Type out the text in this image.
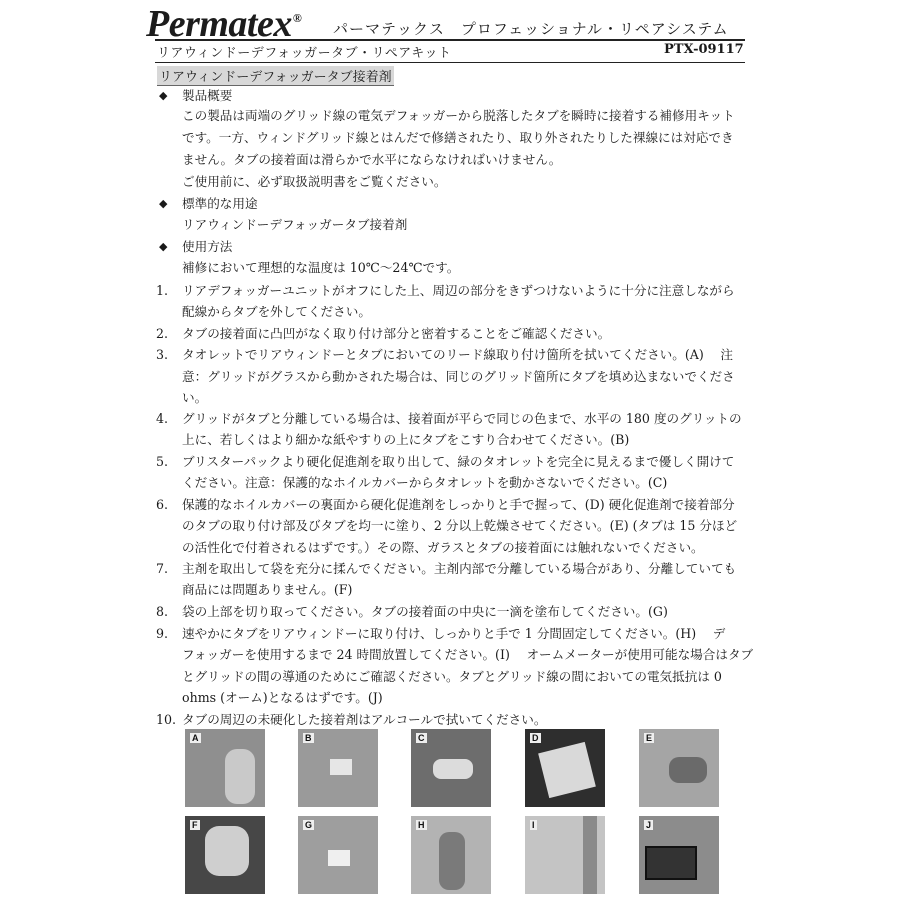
Permatex®
パーマテックス　プロフェッショナル・リペアシステム
リアウィンドーデフォッガータブ・リペアキット	PTX-09117
リアウィンドーデフォッガータブ接着剤
◆ 製品概要
この製品は両端のグリッド線の電気デフォッガーから脱落したタブを瞬時に接着する補修用キット
です。一方、ウィンドグリッド線とはんだで修繕されたり、取り外されたりした裸線には対応でき
ません。タブの接着面は滑らかで水平にならなければいけません。
ご使用前に、必ず取扱説明書をご覧ください。
◆ 標準的な用途
リアウィンドーデフォッガータブ接着剤
◆ 使用方法
補修において理想的な温度は 10℃～24℃です。
1.	リアデフォッガーユニットがオフにした上、周辺の部分をきずつけないように十分に注意しながら
配線からタブを外してください。
2.	タブの接着面に凸凹がなく取り付け部分と密着することをご確認ください。
3.	タオレットでリアウィンドーとタブにおいてのリード線取り付け箇所を拭いてください。(A)　 注
意：グリッドがグラスから動かされた場合は、同じのグリッド箇所にタブを填め込まないでくださ
い。
4.	グリッドがタブと分離している場合は、接着面が平らで同じの色まで、水平の 180 度のグリットの
上に、若しくはより細かな紙やすりの上にタブをこすり合わせてください。(B)
5.	ブリスターパックより硬化促進剤を取り出して、緑のタオレットを完全に見えるまで優しく開けて
ください。注意：保護的なホイルカバーからタオレットを動かさないでください。(C)
6.	保護的なホイルカバーの裏面から硬化促進剤をしっかりと手で握って、(D) 硬化促進剤で接着部分
のタブの取り付け部及びタブを均一に塗り、2 分以上乾燥させてください。(E) (タブは 15 分ほど
の活性化で付着されるはずです。）その際、ガラスとタブの接着面には触れないでください。
7.	主剤を取出して袋を充分に揉んでください。主剤内部で分離している場合があり、分離していても
商品には問題ありません。(F)
8.	袋の上部を切り取ってください。タブの接着面の中央に一滴を塗布してください。(G)
9.	速やかにタブをリアウィンドーに取り付け、しっかりと手で 1 分間固定してください。(H)　 デ
フォッガーを使用するまで 24 時間放置してください。(I)　 オームメーターが使用可能な場合はタブ
とグリッドの間の導通のためにご確認ください。タブとグリッド線の間においての電気抵抗は 0
ohms (オーム)となるはずです。(J)
10. タブの周辺の未硬化した接着剤はアルコールで拭いてください。
A	B	C	D	E
F	G	H	I	J
